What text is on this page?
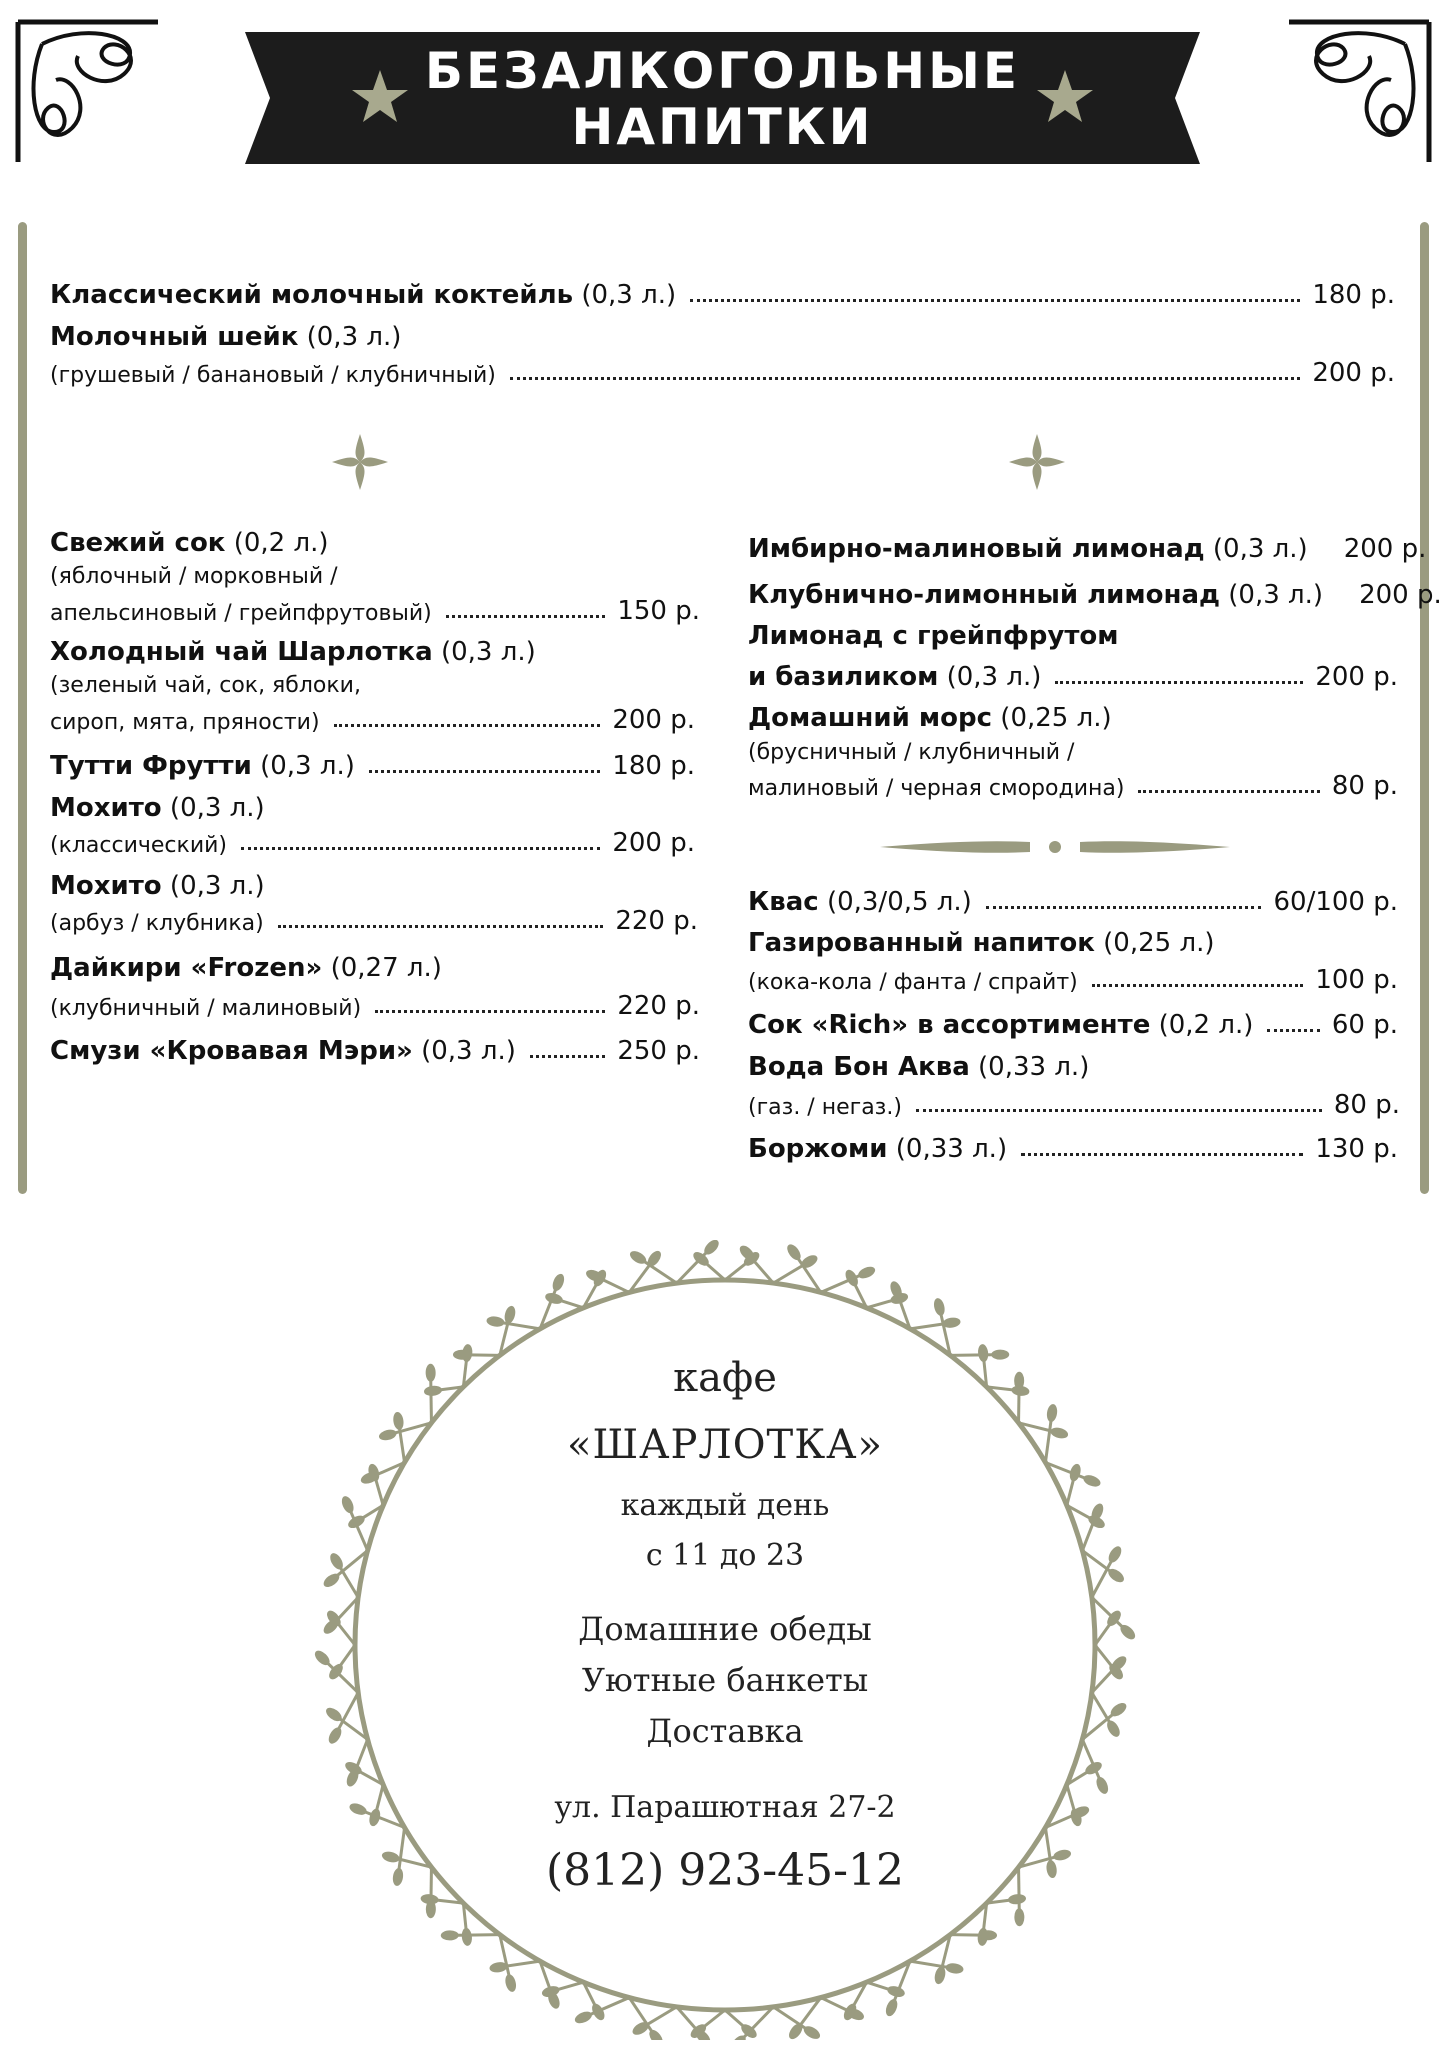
БЕЗАЛКОГОЛЬНЫЕ
НАПИТКИ
Классический молочный коктейль
(0,3 л.)	180 р.
Молочный шейк (0,3 л.)
(грушевый / банановый / клубничный)	200 р.
Свежий сок (0,2 л.)
(яблочный / морковный /
апельсиновый / грейпфрутовый)	150 р.
Холодный чай Шарлотка (0,3 л.)
(зеленый чай, сок, яблоки,
сироп, мята, пряности)	200 р.
Тутти Фрутти
(0,3 л.)	180 р.
Мохито (0,3 л.)
(классический)	200 р.
Мохито (0,3 л.)
(арбуз / клубника)	220 р.
Дайкири «Frozen» (0,27 л.)
(клубничный / малиновый)	220 р.
Смузи «Кровавая Мэри»
(0,3 л.)	250 р.
Имбирно-малиновый лимонад
(0,3 л.) 200 р.
Клубнично-лимонный лимонад
(0,3 л.) 200 р.
Лимонад с грейпфрутом
и базиликом
(0,3 л.)	200 р.
Домашний морс (0,25 л.)
(брусничный / клубничный /
малиновый / черная смородина)	80 р.
Квас
(0,3/0,5 л.)	60/100 р.
Газированный напиток (0,25 л.)
(кока-кола / фанта / спрайт)	100 р.
Сок «Rich» в ассортименте
(0,2 л.)	60 р.
Вода Бон Аква (0,33 л.)
(газ. / негаз.)	80 р.
Боржоми
(0,33 л.)	130 р.
кафе
«ШАРЛОТКА»
каждый день
с 11 до 23
Домашние обеды
Уютные банкеты
Доставка
ул. Парашютная 27-2
(812) 923-45-12
